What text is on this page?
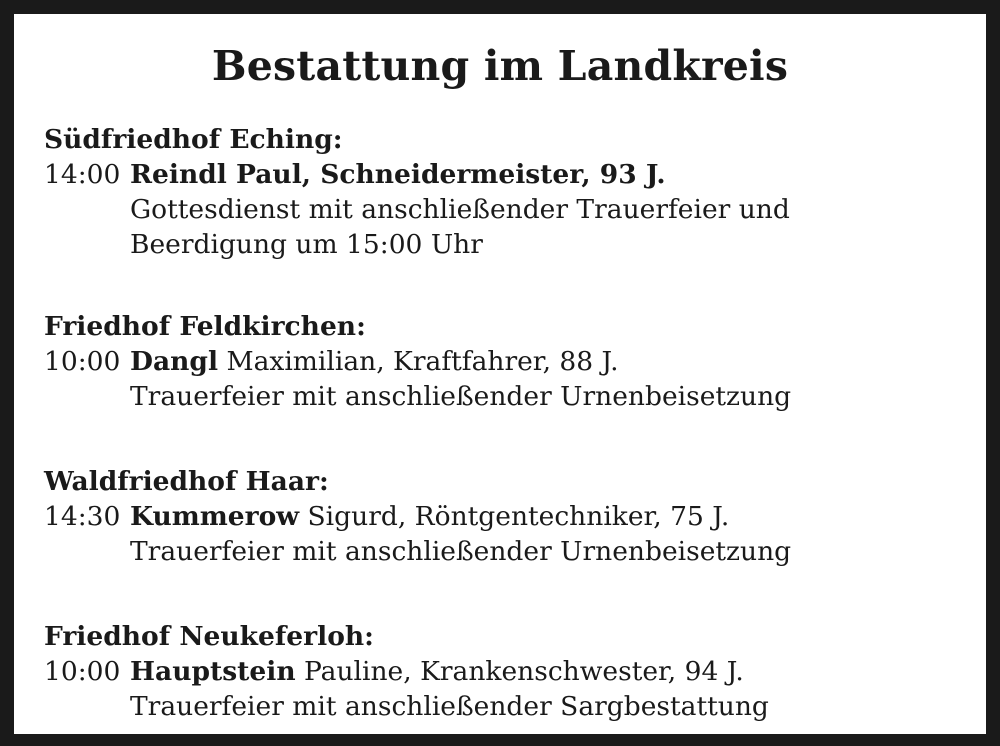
Bestattung im Landkreis
Südfriedhof Eching:
14:00 Reindl Paul, Schneidermeister, 93 J.
Gottesdienst mit anschließender Trauerfeier und
Beerdigung um 15:00 Uhr
Friedhof Feldkirchen:
10:00 Dangl Maximilian, Kraftfahrer, 88 J.
Trauerfeier mit anschließender Urnenbeisetzung
Waldfriedhof Haar:
14:30 Kummerow Sigurd, Röntgentechniker, 75 J.
Trauerfeier mit anschließender Urnenbeisetzung
Friedhof Neukeferloh:
10:00 Hauptstein Pauline, Krankenschwester, 94 J.
Trauerfeier mit anschließender Sargbestattung
